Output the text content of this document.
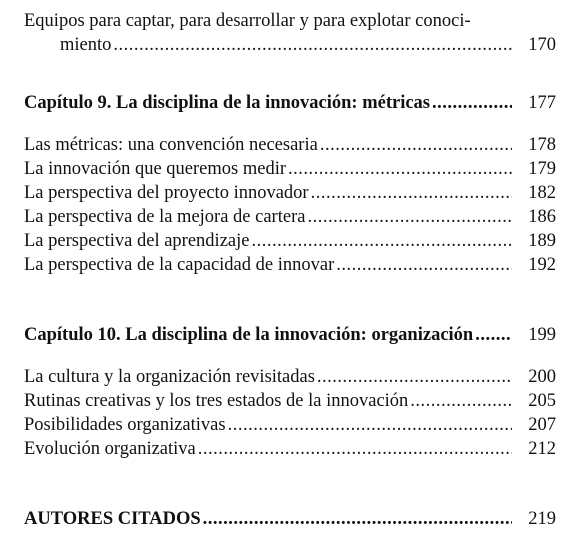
Equipos para captar, para desarrollar y para explotar conoci-
miento .....	170
Capítulo 9. La disciplina de la innovación: métricas .....	177
Las métricas: una convención necesaria .....	178
La innovación que queremos medir .....	179
La perspectiva del proyecto innovador .....	182
La perspectiva de la mejora de cartera .....	186
La perspectiva del aprendizaje .....	189
La perspectiva de la capacidad de innovar .....	192
Capítulo 10. La disciplina de la innovación: organización .....	199
La cultura y la organización revisitadas .....	200
Rutinas creativas y los tres estados de la innovación .....	205
Posibilidades organizativas .....	207
Evolución organizativa .....	212
AUTORES CITADOS .....	219
